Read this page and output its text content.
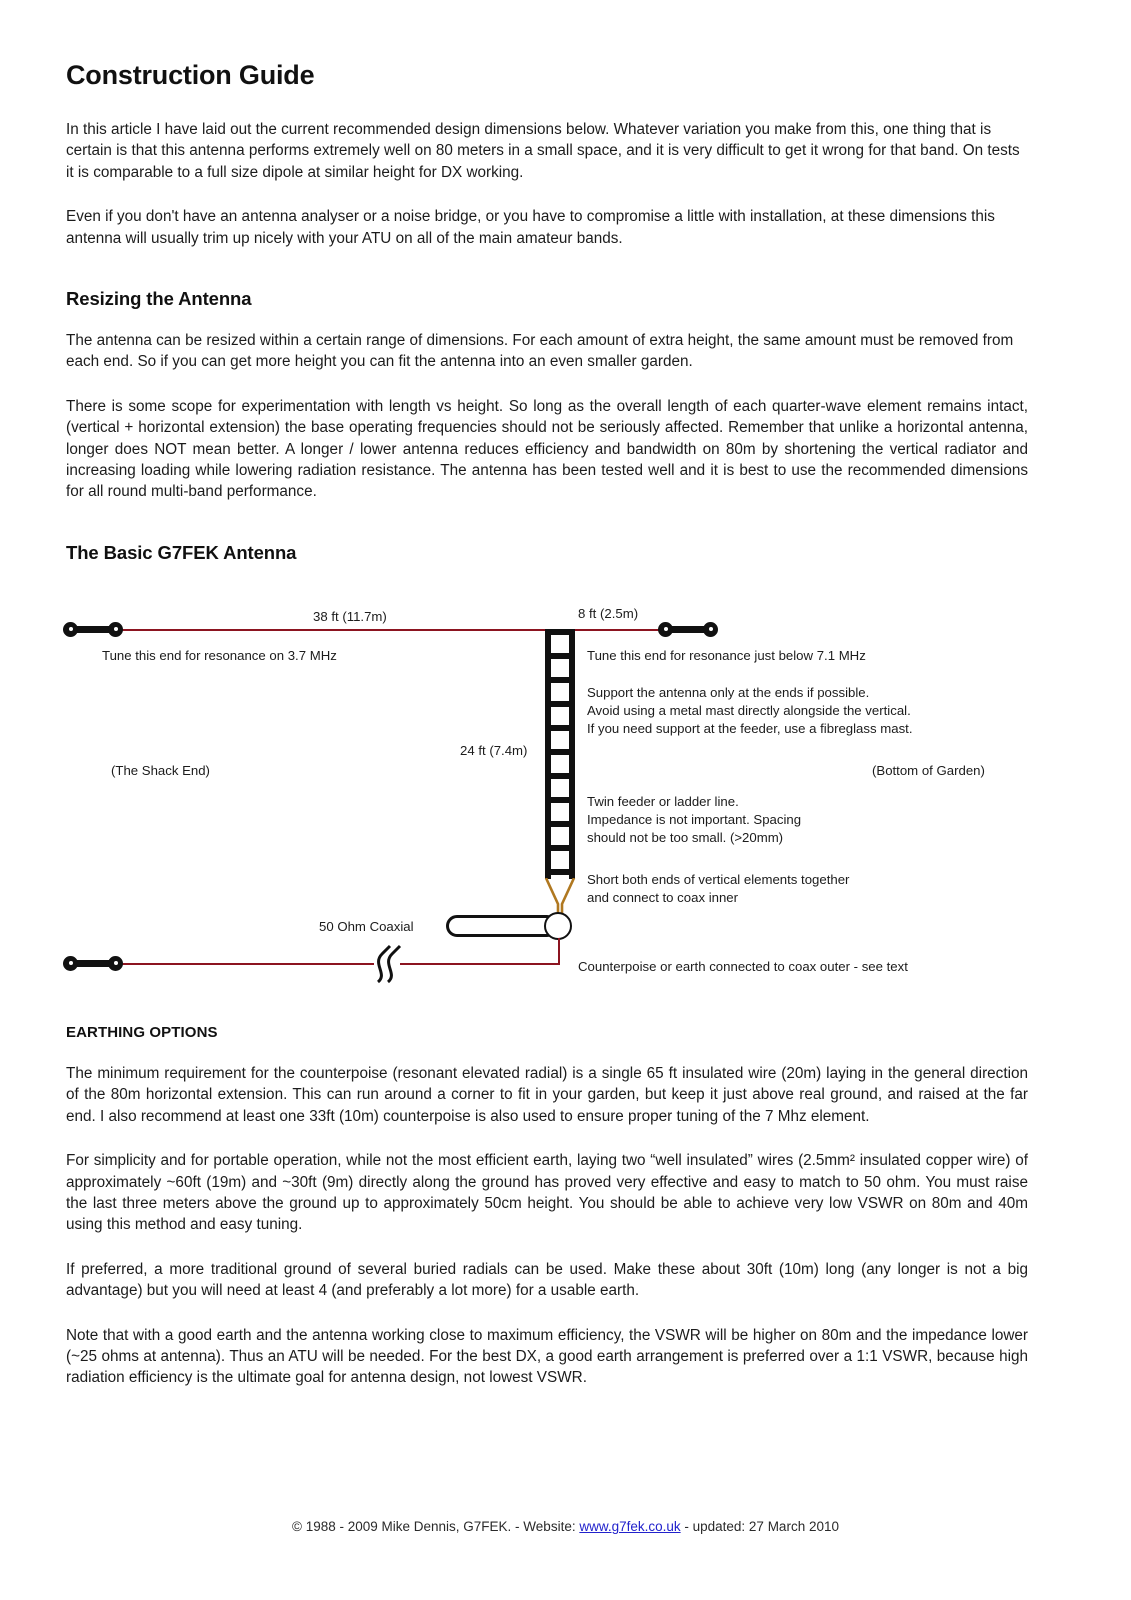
Construction Guide

In this article I have laid out the current recommended design dimensions below. Whatever variation you make from this, one thing that is certain is that this antenna performs extremely well on 80 meters in a small space, and it is very difficult to get it wrong for that band. On tests it is comparable to a full size dipole at similar height for DX working.

Even if you don't have an antenna analyser or a noise bridge, or you have to compromise a little with installation, at these dimensions this antenna will usually trim up nicely with your ATU on all of the main amateur bands.

Resizing the Antenna

The antenna can be resized within a certain range of dimensions. For each amount of extra height, the same amount must be removed from each end. So if you can get more height you can fit the antenna into an even smaller garden.

There is some scope for experimentation with length vs height. So long as the overall length of each quarter-wave element remains intact, (vertical + horizontal extension) the base operating frequencies should not be seriously affected. Remember that unlike a horizontal antenna, longer does NOT mean better. A longer / lower antenna reduces efficiency and bandwidth on 80m by shortening the vertical radiator and increasing loading while lowering radiation resistance. The antenna has been tested well and it is best to use the recommended dimensions for all round multi-band performance.

The Basic G7FEK Antenna
38 ft (11.7m)	8 ft (2.5m)
24 ft (7.4m)
Tune this end for resonance on 3.7 MHz	Tune this end for resonance just below 7.1 MHz
Support the antenna only at the ends if possible.
Avoid using a metal mast directly alongside the vertical.
If you need support at the feeder, use a fibreglass mast.
(The Shack End)	(Bottom of Garden)
Twin feeder or ladder line.
Impedance is not important. Spacing
should not be too small. (>20mm)
Short both ends of vertical elements together
and connect to coax inner
50 Ohm Coaxial
Counterpoise or earth connected to coax outer - see text
EARTHING OPTIONS

The minimum requirement for the counterpoise (resonant elevated radial) is a single 65 ft insulated wire (20m) laying in the general direction of the 80m horizontal extension. This can run around a corner to fit in your garden, but keep it just above real ground, and raised at the far end. I also recommend at least one 33ft (10m) counterpoise is also used to ensure proper tuning of the 7 Mhz element.

For simplicity and for portable operation, while not the most efficient earth, laying two “well insulated” wires (2.5mm² insulated copper wire) of approximately ~60ft (19m) and ~30ft (9m) directly along the ground has proved very effective and easy to match to 50 ohm. You must raise the last three meters above the ground up to approximately 50cm height. You should be able to achieve very low VSWR on 80m and 40m using this method and easy tuning.

If preferred, a more traditional ground of several buried radials can be used. Make these about 30ft (10m) long (any longer is not a big advantage) but you will need at least 4 (and preferably a lot more) for a usable earth.

Note that with a good earth and the antenna working close to maximum efficiency, the VSWR will be higher on 80m and the impedance lower (~25 ohms at antenna). Thus an ATU will be needed. For the best DX, a good earth arrangement is preferred over a 1:1 VSWR, because high radiation efficiency is the ultimate goal for antenna design, not lowest VSWR.

© 1988 - 2009 Mike Dennis, G7FEK. - Website: www.g7fek.co.uk - updated: 27 March 2010
